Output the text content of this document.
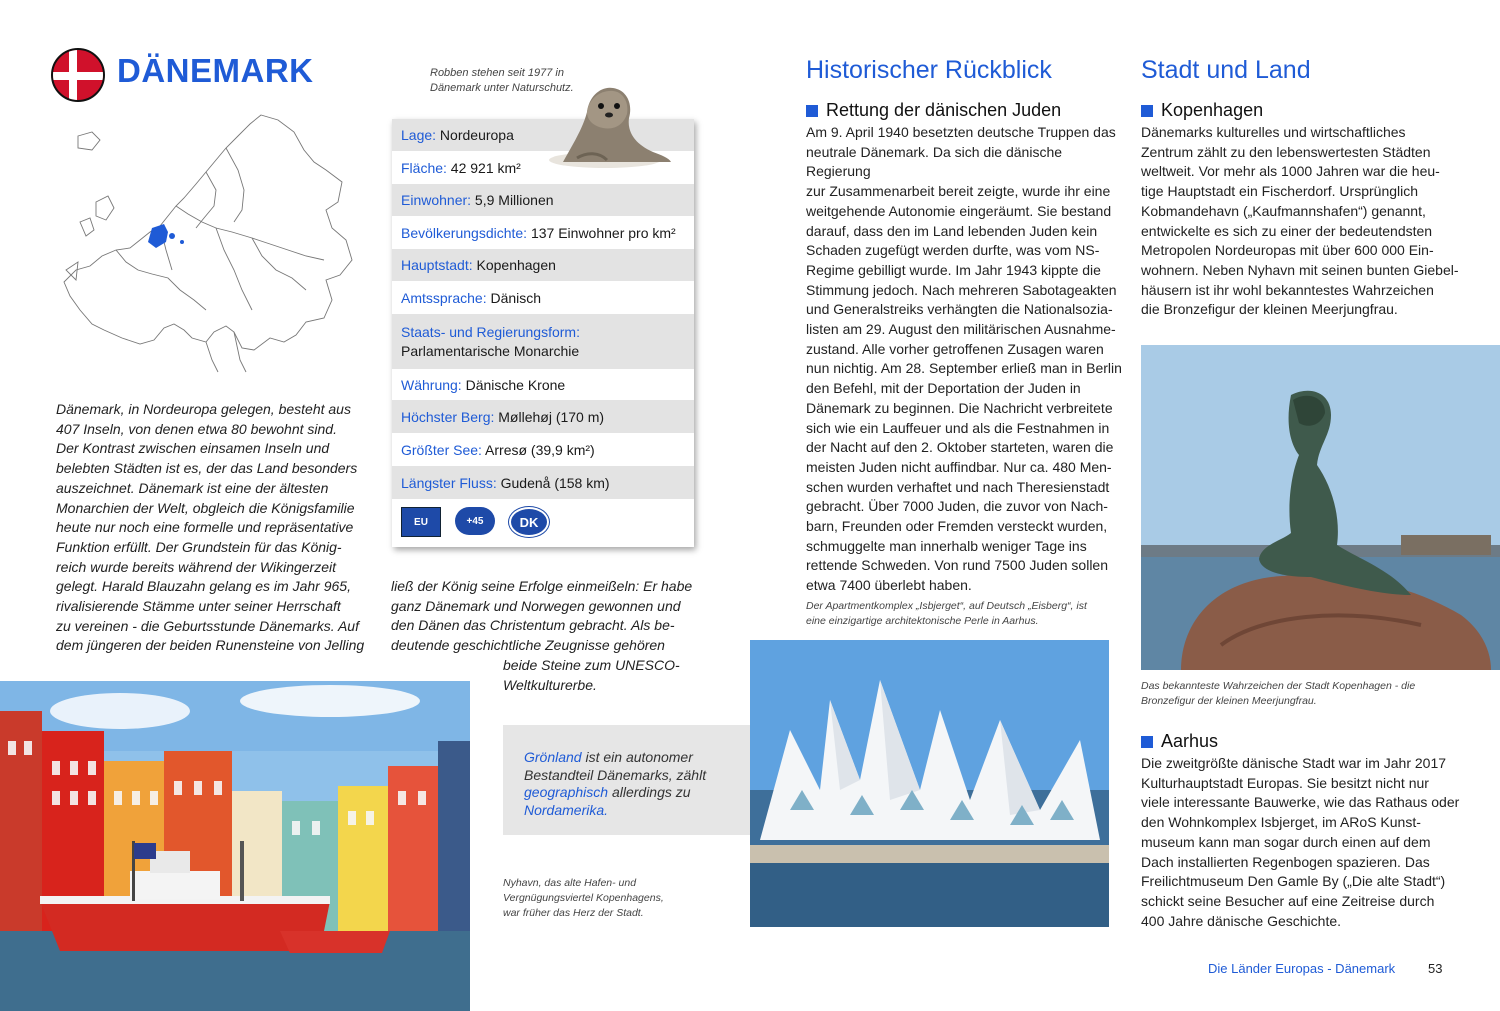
DÄNEMARK	Robben stehen seit 1977 in Dänemark unter Naturschutz.
Lage: Nordeuropa
Fläche: 42 921 km²
Einwohner: 5,9 Millionen
Bevölkerungsdichte: 137 Einwohner pro km²
Hauptstadt: Kopenhagen
Amtssprache: Dänisch
Staats- und Regierungsform: Parlamentarische Monarchie
Währung: Dänische Krone
Höchster Berg: Møllehøj (170 m)
Größter See: Arresø (39,9 km²)
Längster Fluss: Gudenå (158 km)
EU	+45	DK
Dänemark, in Nordeuropa gelegen, besteht aus
407 Inseln, von denen etwa 80 bewohnt sind.
Der Kontrast zwischen einsamen Inseln und
belebten Städten ist es, der das Land besonders
auszeichnet. Dänemark ist eine der ältesten
Monarchien der Welt, obgleich die Königsfamilie
heute nur noch eine formelle und repräsentative
Funktion erfüllt. Der Grundstein für das König-
reich wurde bereits während der Wikingerzeit
gelegt. Harald Blauzahn gelang es im Jahr 965,
rivalisierende Stämme unter seiner Herrschaft
zu vereinen - die Geburtsstunde Dänemarks. Auf
dem jüngeren der beiden Runensteine von Jelling
ließ der König seine Erfolge einmeißeln: Er habe
ganz Dänemark und Norwegen gewonnen und
den Dänen das Christentum gebracht. Als be-
deutende geschichtliche Zeugnisse gehören
beide Steine zum UNESCO-
Weltkulturerbe.
Nyhavn, das alte Hafen- und Vergnügungsviertel Kopenhagens, war früher das Herz der Stadt.
Grönland ist ein autonomer Bestandteil Dänemarks, zählt geographisch allerdings zu Nordamerika.
Historischer Rückblick
Rettung der dänischen Juden
Am 9. April 1940 besetzten deutsche Truppen das
neutrale Dänemark. Da sich die dänische Regierung
zur Zusammenarbeit bereit zeigte, wurde ihr eine
weitgehende Autonomie eingeräumt. Sie bestand
darauf, dass den im Land lebenden Juden kein
Schaden zugefügt werden durfte, was vom NS-
Regime gebilligt wurde. Im Jahr 1943 kippte die
Stimmung jedoch. Nach mehreren Sabotageakten
und Generalstreiks verhängten die Nationalsozia-
listen am 29. August den militärischen Ausnahme-
zustand. Alle vorher getroffenen Zusagen waren
nun nichtig. Am 28. September erließ man in Berlin
den Befehl, mit der Deportation der Juden in
Dänemark zu beginnen. Die Nachricht verbreitete
sich wie ein Lauffeuer und als die Festnahmen in
der Nacht auf den 2. Oktober starteten, waren die
meisten Juden nicht auffindbar. Nur ca. 480 Men-
schen wurden verhaftet und nach Theresienstadt
gebracht. Über 7000 Juden, die zuvor von Nach-
barn, Freunden oder Fremden versteckt wurden,
schmuggelte man innerhalb weniger Tage ins
rettende Schweden. Von rund 7500 Juden sollen
etwa 7400 überlebt haben.
Der Apartmentkomplex „Isbjerget“, auf Deutsch „Eisberg“, ist eine einzigartige architektonische Perle in Aarhus.
Stadt und Land
Kopenhagen
Dänemarks kulturelles und wirtschaftliches
Zentrum zählt zu den lebenswertesten Städten
weltweit. Vor mehr als 1000 Jahren war die heu-
tige Hauptstadt ein Fischerdorf. Ursprünglich
Kobmandehavn („Kaufmannshafen“) genannt,
entwickelte es sich zu einer der bedeutendsten
Metropolen Nordeuropas mit über 600 000 Ein-
wohnern. Neben Nyhavn mit seinen bunten Giebel-
häusern ist ihr wohl bekanntestes Wahrzeichen
die Bronzefigur der kleinen Meerjungfrau.
Das bekannteste Wahrzeichen der Stadt Kopenhagen - die Bronzefigur der kleinen Meerjungfrau.
Aarhus
Die zweitgrößte dänische Stadt war im Jahr 2017
Kulturhauptstadt Europas. Sie besitzt nicht nur
viele interessante Bauwerke, wie das Rathaus oder
den Wohnkomplex Isbjerget, im ARoS Kunst-
museum kann man sogar durch einen auf dem
Dach installierten Regenbogen spazieren. Das
Freilichtmuseum Den Gamle By („Die alte Stadt“)
schickt seine Besucher auf eine Zeitreise durch
400 Jahre dänische Geschichte.
Die Länder Europas - Dänemark	53
